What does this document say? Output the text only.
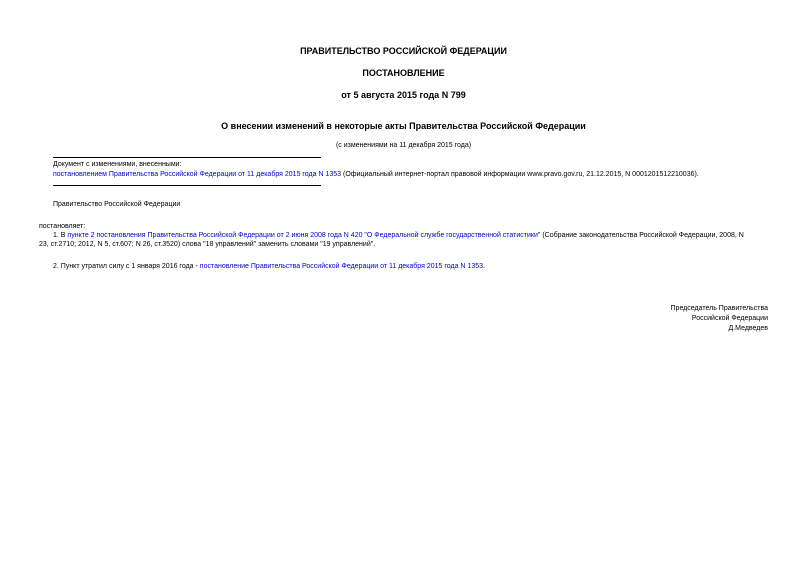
ПРАВИТЕЛЬСТВО РОССИЙСКОЙ ФЕДЕРАЦИИ
ПОСТАНОВЛЕНИЕ
от 5 августа 2015 года N 799
О внесении изменений в некоторые акты Правительства Российской Федерации
(с изменениями на 11 декабря 2015 года)
Документ с изменениями, внесенными:
постановлением Правительства Российской Федерации от 11 декабря 2015 года N 1353 (Официальный интернет-портал правовой информации www.pravo.gov.ru, 21.12.2015, N 0001201512210036).
Правительство Российской Федерации
постановляет:
1. В пункте 2 постановления Правительства Российской Федерации от 2 июня 2008 года N 420 "О Федеральной службе государственной статистики" (Собрание законодательства Российской Федерации, 2008, N
23, ст.2710; 2012, N 5, ст.607; N 26, ст.3520) слова "18 управлений" заменить словами "19 управлений".
2. Пункт утратил силу с 1 января 2016 года - постановление Правительства Российской Федерации от 11 декабря 2015 года N 1353.
Председатель Правительства
Российской Федерации
Д.Медведев
